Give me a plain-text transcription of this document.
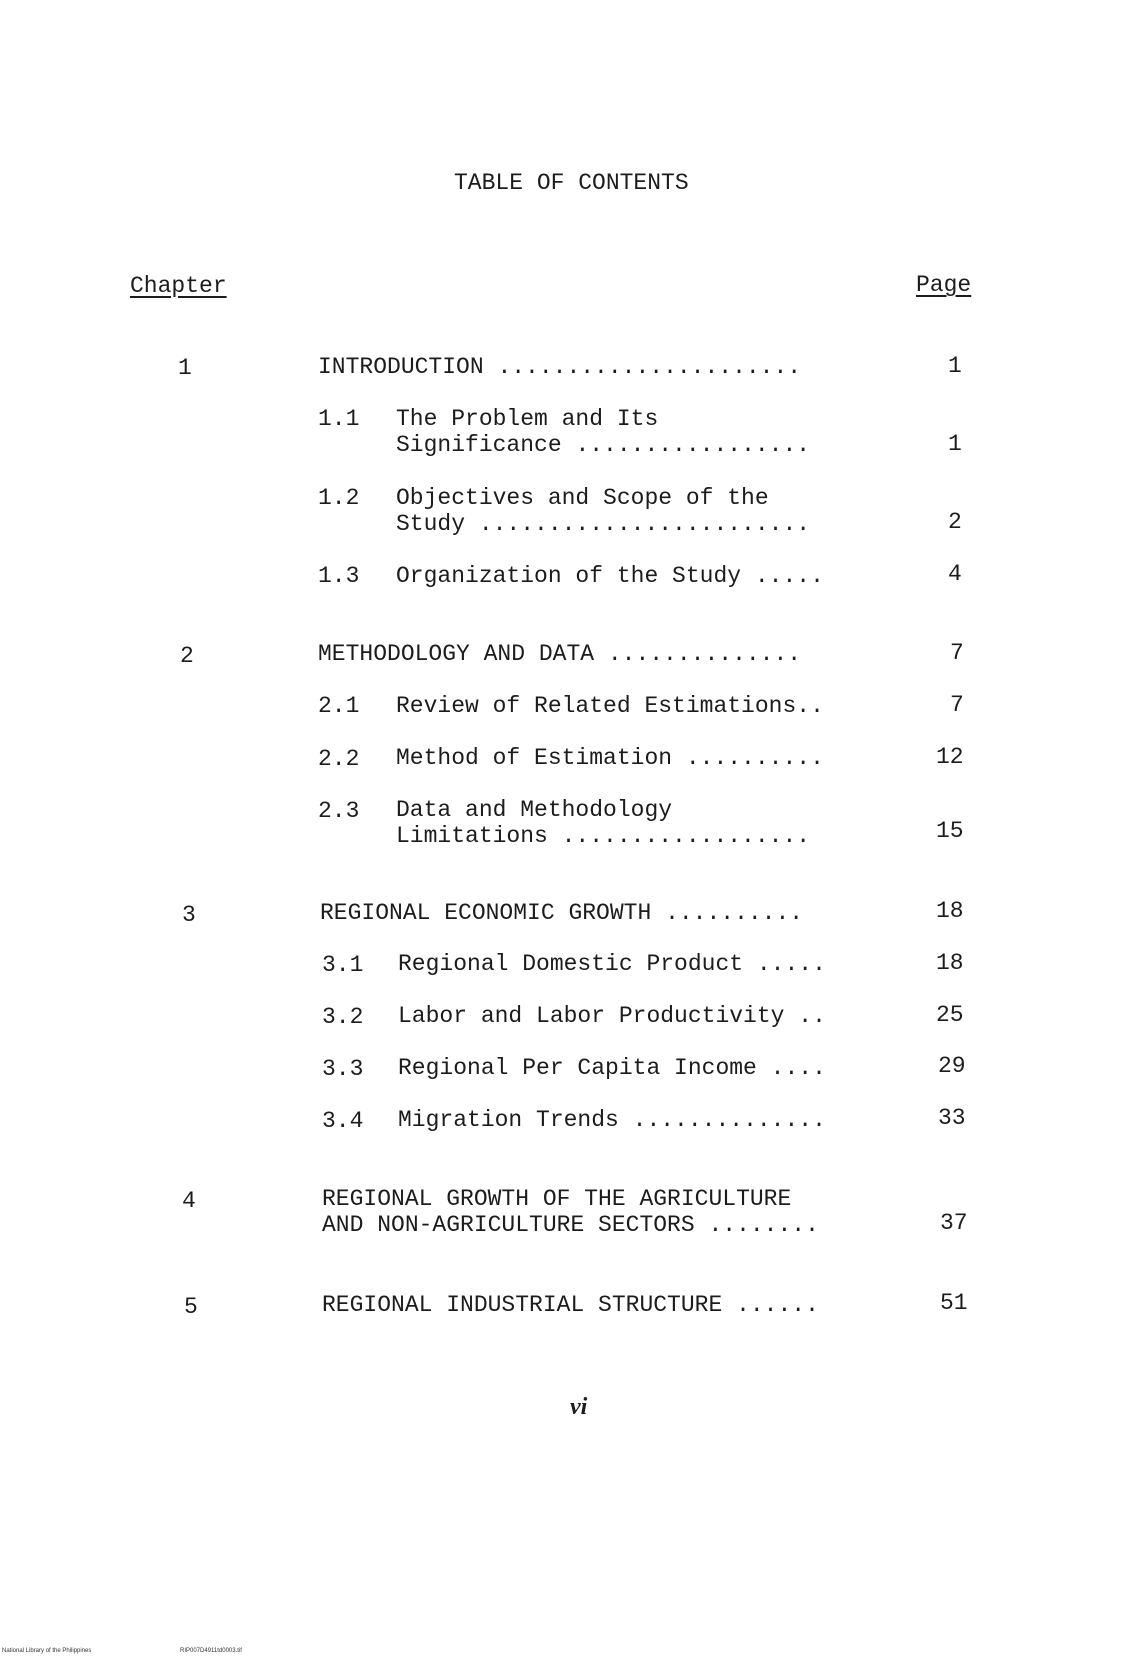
TABLE OF CONTENTS
Chapter	Page
1	INTRODUCTION ......................	1
1.1 The Problem and Its
Significance .................	1
1.2 Objectives and Scope of the
Study ........................	2
1.3 Organization of the Study .....	4
2	METHODOLOGY AND DATA ..............	7
2.1 Review of Related Estimations..	7
2.2 Method of Estimation ..........	12
2.3 Data and Methodology
Limitations ..................	15
3	REGIONAL ECONOMIC GROWTH ..........	18
3.1 Regional Domestic Product .....	18
3.2 Labor and Labor Productivity ..	25
3.3 Regional Per Capita Income ....	29
3.4 Migration Trends ..............	33
4	REGIONAL GROWTH OF THE AGRICULTURE
AND NON-AGRICULTURE SECTORS ........	37
5	REGIONAL INDUSTRIAL STRUCTURE ......	51
vi
National Library of the Philippines	RIP007D4911td0003.tif
